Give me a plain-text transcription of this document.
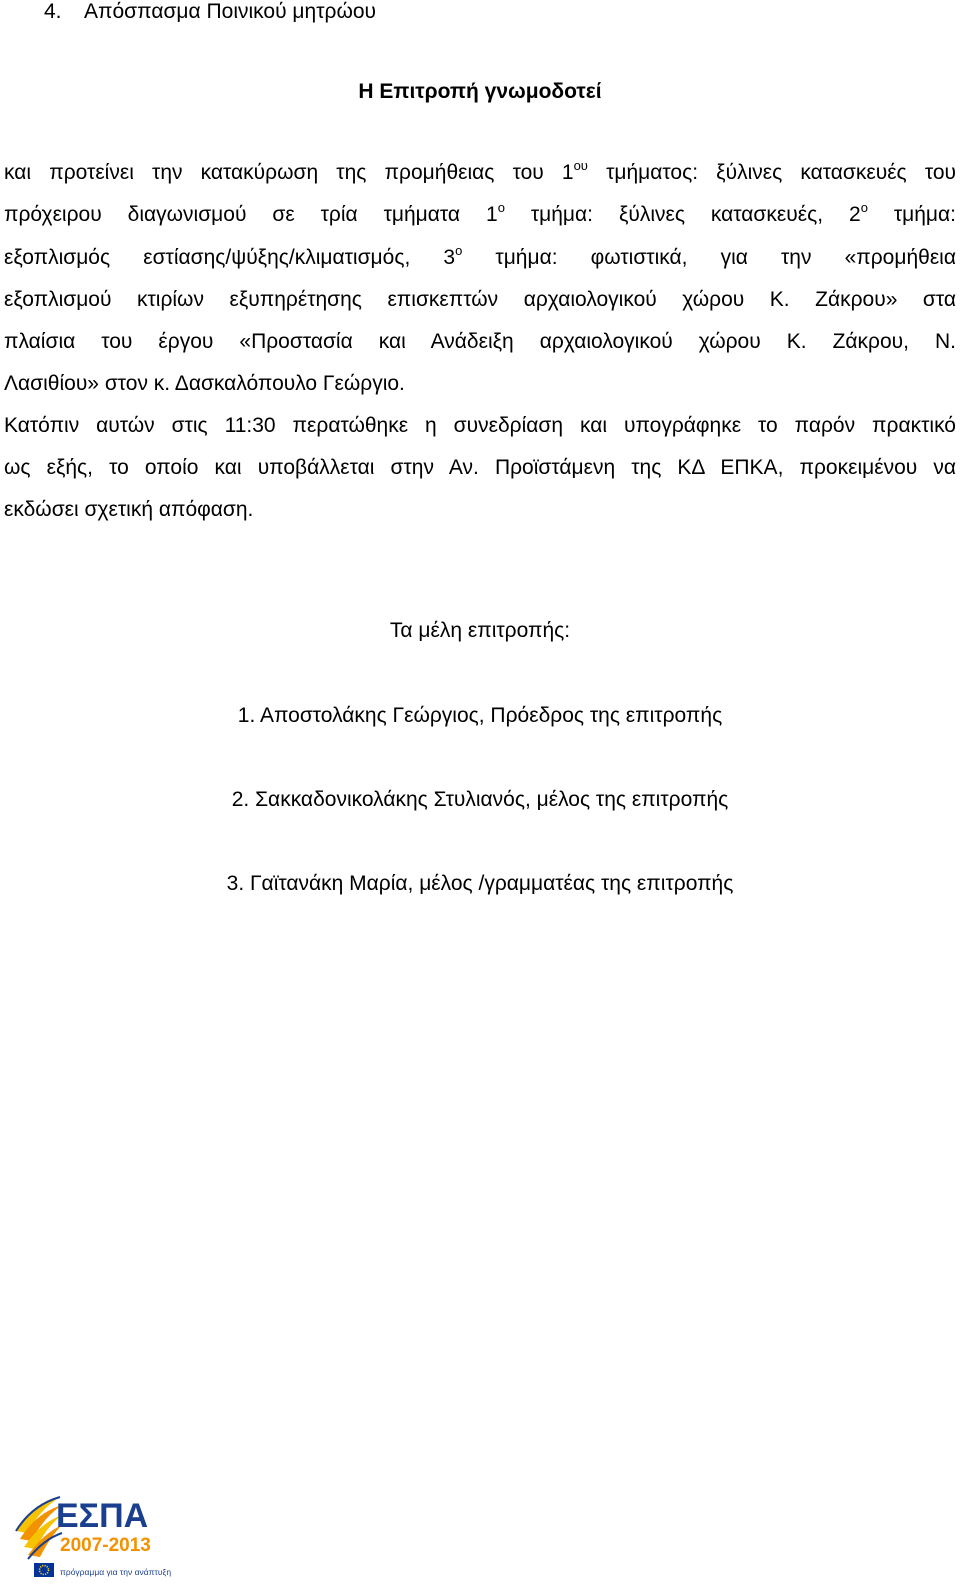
4. Απόσπασμα Ποινικού μητρώου
Η Επιτροπή γνωμοδοτεί
και προτείνει την κατακύρωση της προμήθειας του $1^{o\upsilon}$ τμήματος: ξύλινες κατασκευές του
πρόχειρου διαγωνισμού σε τρία τμήματα $1^o$ τμήμα: ξύλινες κατασκευές, $2^o$ τμήμα:
εξοπλισμός εστίασης/ψύξης/κλιματισμός, $3^o$ τμήμα: φωτιστικά, για την «προμήθεια
εξοπλισμού κτιρίων εξυπηρέτησης επισκεπτών αρχαιολογικού χώρου Κ. Ζάκρου» στα
πλαίσια του έργου «Προστασία και Ανάδειξη αρχαιολογικού χώρου Κ. Ζάκρου, Ν.
Λασιθίου» στον κ. Δασκαλόπουλο Γεώργιο.
Κατόπιν αυτών στις 11:30 περατώθηκε η συνεδρίαση και υπογράφηκε το παρόν πρακτικό
ως εξής, το οποίο και υποβάλλεται στην Αν. Προϊστάμενη της ΚΔ ΕΠΚΑ, προκειμένου να
εκδώσει σχετική απόφαση.
Τα μέλη επιτροπής:
1. Αποστολάκης Γεώργιος, Πρόεδρος της επιτροπής
2. Σακκαδονικολάκης Στυλιανός, μέλος της επιτροπής
3. Γαϊτανάκη Μαρία, μέλος /γραμματέας της επιτροπής
ΕΣΠΑ
2007-2013
πρόγραμμα για την ανάπτυξη
